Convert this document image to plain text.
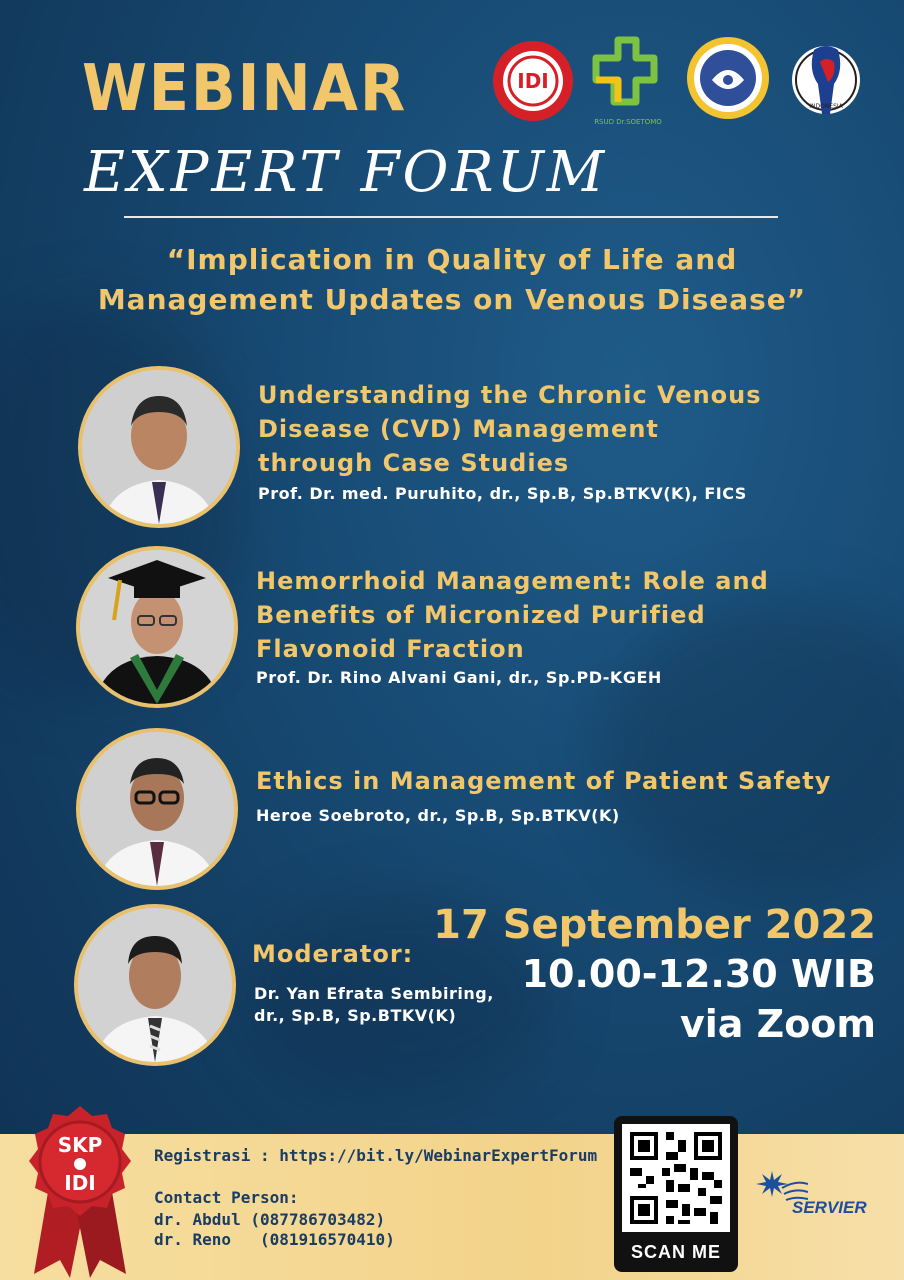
WEBINAR
EXPERT FORUM
IDI
RSUD Dr.SOETOMO
INDONESIA
“Implication in Quality of Life and
Management Updates on Venous Disease”
Understanding the Chronic Venous
Disease (CVD) Management
through Case Studies
Prof. Dr. med. Puruhito, dr., Sp.B, Sp.BTKV(K), FICS
Hemorrhoid Management: Role and
Benefits of Micronized Purified
Flavonoid Fraction
Prof. Dr. Rino Alvani Gani, dr., Sp.PD-KGEH
Ethics in Management of Patient Safety
Heroe Soebroto, dr., Sp.B, Sp.BTKV(K)
Moderator:
Dr. Yan Efrata Sembiring,
dr., Sp.B, Sp.BTKV(K)
17 September 2022
10.00-12.30 WIB
via Zoom
SKP
IDI
Registrasi : https://bit.ly/WebinarExpertForum
Contact Person:
dr. Abdul (087786703482)
dr. Reno   (081916570410)
SCAN ME
SERVIER
